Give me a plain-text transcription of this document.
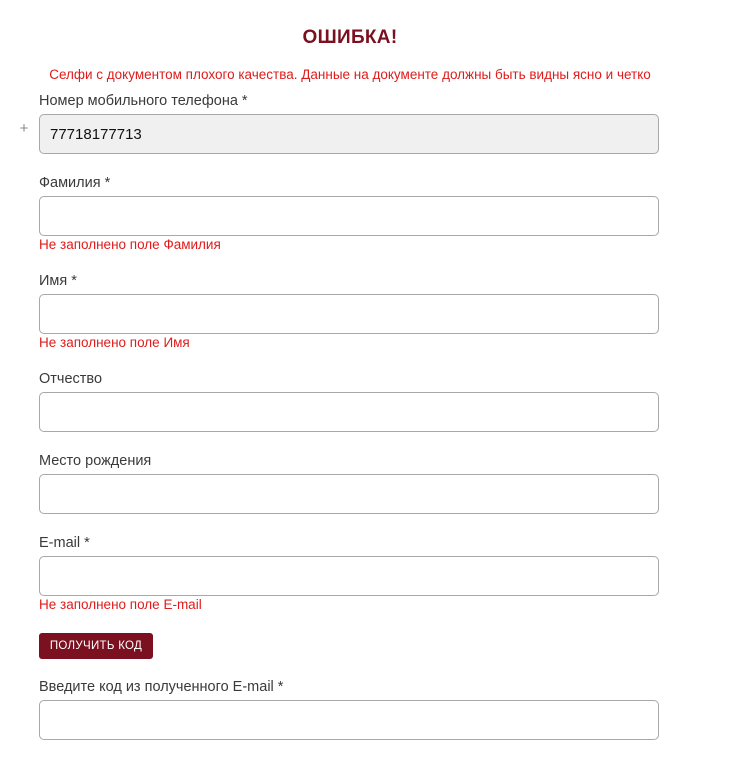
ОШИБКА!
Селфи с документом плохого качества. Данные на документе должны быть видны ясно и четко
Номер мобильного телефона *
+
77718177713
Фамилия *
Не заполнено поле Фамилия
Имя *
Не заполнено поле Имя
Отчество
Место рождения
E-mail *
Не заполнено поле E-mail
ПОЛУЧИТЬ КОД
Введите код из полученного E-mail *
